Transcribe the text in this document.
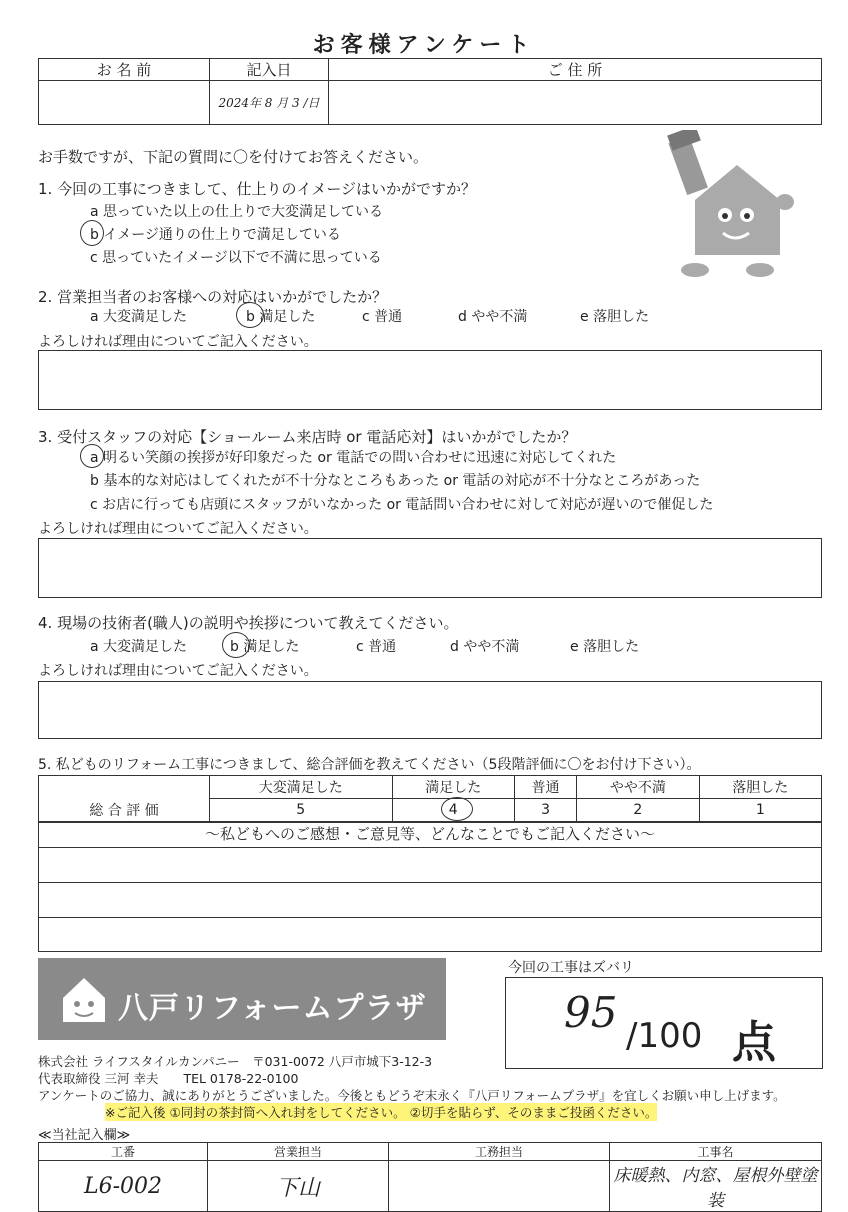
お客様アンケート
お 名 前	記入日	ご 住 所
	2024年 8 月 3 /日	
お手数ですが、下記の質問に〇を付けてお答えください。
1. 今回の工事につきまして、仕上りのイメージはいかがですか？
a 思っていた以上の仕上りで大変満足している
b イメージ通りの仕上りで満足している
c 思っていたイメージ以下で不満に思っている
2. 営業担当者のお客様への対応はいかがでしたか？
a 大変満足した	b 満足した	c 普通	d やや不満	e 落胆した
よろしければ理由についてご記入ください。
3. 受付スタッフの対応【ショールーム来店時 or 電話応対】はいかがでしたか？
a 明るい笑顔の挨拶が好印象だった or 電話での問い合わせに迅速に対応してくれた
b 基本的な対応はしてくれたが不十分なところもあった or 電話の対応が不十分なところがあった
c お店に行っても店頭にスタッフがいなかった or 電話問い合わせに対して対応が遅いので催促した
よろしければ理由についてご記入ください。
4. 現場の技術者(職人)の説明や挨拶について教えてください。
a 大変満足した	b 満足した	c 普通	d やや不満	e 落胆した
よろしければ理由についてご記入ください。
5. 私どものリフォーム工事につきまして、総合評価を教えてください（5段階評価に〇をお付け下さい）。
	大変満足した	満足した	普通	やや不満	落胆した
総 合 評 価	5	4	3	2	1
～私どもへのご感想・ご意見等、どんなことでもご記入ください～
八戸リフォームプラザ
今回の工事はズバリ
95 /100 点
株式会社 ライフスタイルカンパニー　〒031-0072 八戸市城下3-12-3
代表取締役 三河 幸夫　　TEL 0178-22-0100
アンケートのご協力、誠にありがとうございました。今後ともどうぞ末永く『八戸リフォームプラザ』を宜しくお願い申し上げます。
※ご記入後 ①同封の茶封筒へ入れ封をしてください。 ②切手を貼らず、そのままご投函ください。
≪当社記入欄≫
工番	営業担当	工務担当	工事名
L6-002	下山		床暖熱、内窓、屋根外壁塗装
